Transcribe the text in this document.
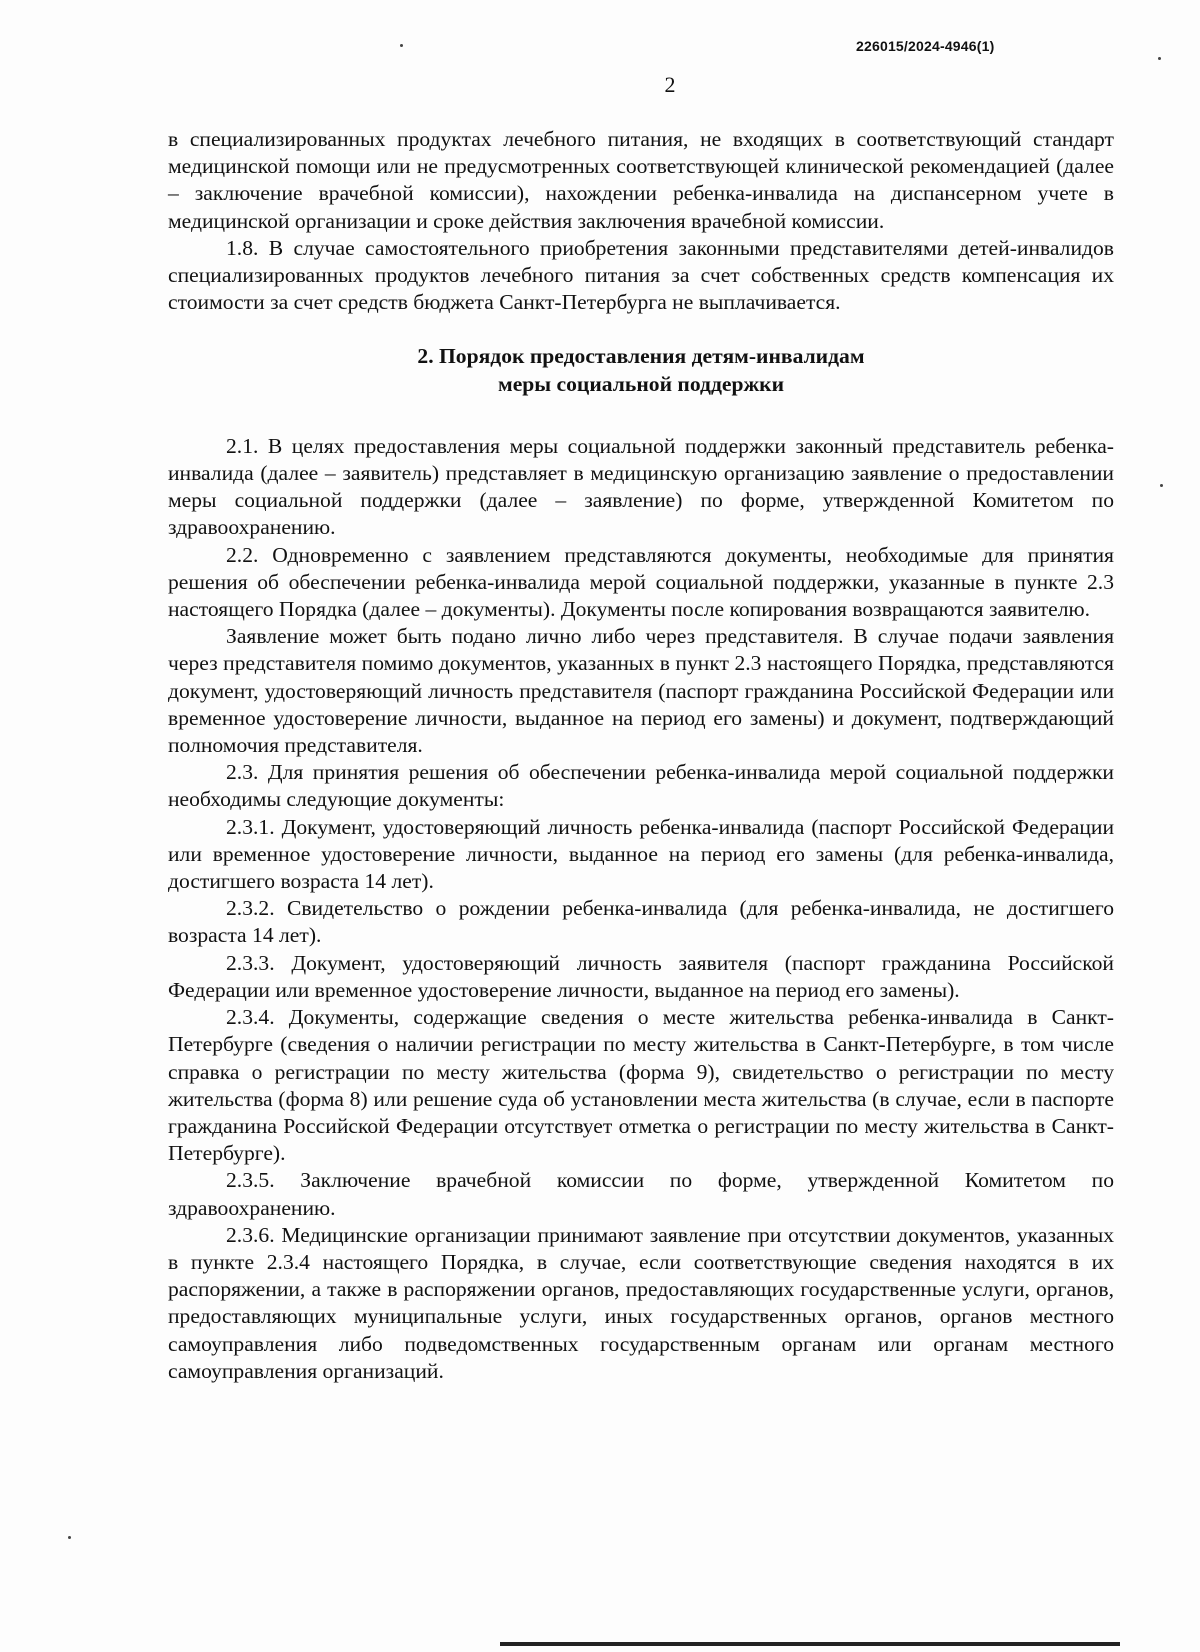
226015/2024-4946(1)
2

в специализированных продуктах лечебного питания, не входящих в соответствующий стандарт медицинской помощи или не предусмотренных соответствующей клинической рекомендацией (далее – заключение врачебной комиссии), нахождении ребенка-инвалида на диспансерном учете в медицинской организации и сроке действия заключения врачебной комиссии.

1.8. В случае самостоятельного приобретения законными представителями детей-инвалидов специализированных продуктов лечебного питания за счет собственных средств компенсация их стоимости за счет средств бюджета Санкт-Петербурга не выплачивается.

2. Порядок предоставления детям-инвалидам
меры социальной поддержки

2.1. В целях предоставления меры социальной поддержки законный представитель ребенка-инвалида (далее – заявитель) представляет в медицинскую организацию заявление о предоставлении меры социальной поддержки (далее – заявление) по форме, утвержденной Комитетом по здравоохранению.

2.2. Одновременно с заявлением представляются документы, необходимые для принятия решения об обеспечении ребенка-инвалида мерой социальной поддержки, указанные в пункте 2.3 настоящего Порядка (далее – документы). Документы после копирования возвращаются заявителю.

Заявление может быть подано лично либо через представителя. В случае подачи заявления через представителя помимо документов, указанных в пункт 2.3 настоящего Порядка, представляются документ, удостоверяющий личность представителя (паспорт гражданина Российской Федерации или временное удостоверение личности, выданное на период его замены) и документ, подтверждающий полномочия представителя.

2.3. Для принятия решения об обеспечении ребенка-инвалида мерой социальной поддержки необходимы следующие документы:

2.3.1. Документ, удостоверяющий личность ребенка-инвалида (паспорт Российской Федерации или временное удостоверение личности, выданное на период его замены (для ребенка-инвалида, достигшего возраста 14 лет).

2.3.2. Свидетельство о рождении ребенка-инвалида (для ребенка-инвалида, не достигшего возраста 14 лет).

2.3.3. Документ, удостоверяющий личность заявителя (паспорт гражданина Российской Федерации или временное удостоверение личности, выданное на период его замены).

2.3.4. Документы, содержащие сведения о месте жительства ребенка-инвалида в Санкт-Петербурге (сведения о наличии регистрации по месту жительства в Санкт-Петербурге, в том числе справка о регистрации по месту жительства (форма 9), свидетельство о регистрации по месту жительства (форма 8) или решение суда об установлении места жительства (в случае, если в паспорте гражданина Российской Федерации отсутствует отметка о регистрации по месту жительства в Санкт-Петербурге).

2.3.5. Заключение врачебной комиссии по форме, утвержденной Комитетом по здравоохранению.

2.3.6. Медицинские организации принимают заявление при отсутствии документов, указанных в пункте 2.3.4 настоящего Порядка, в случае, если соответствующие сведения находятся в их распоряжении, а также в распоряжении органов, предоставляющих государственные услуги, органов, предоставляющих муниципальные услуги, иных государственных органов, органов местного самоуправления либо подведомственных государственным органам или органам местного самоуправления организаций.
